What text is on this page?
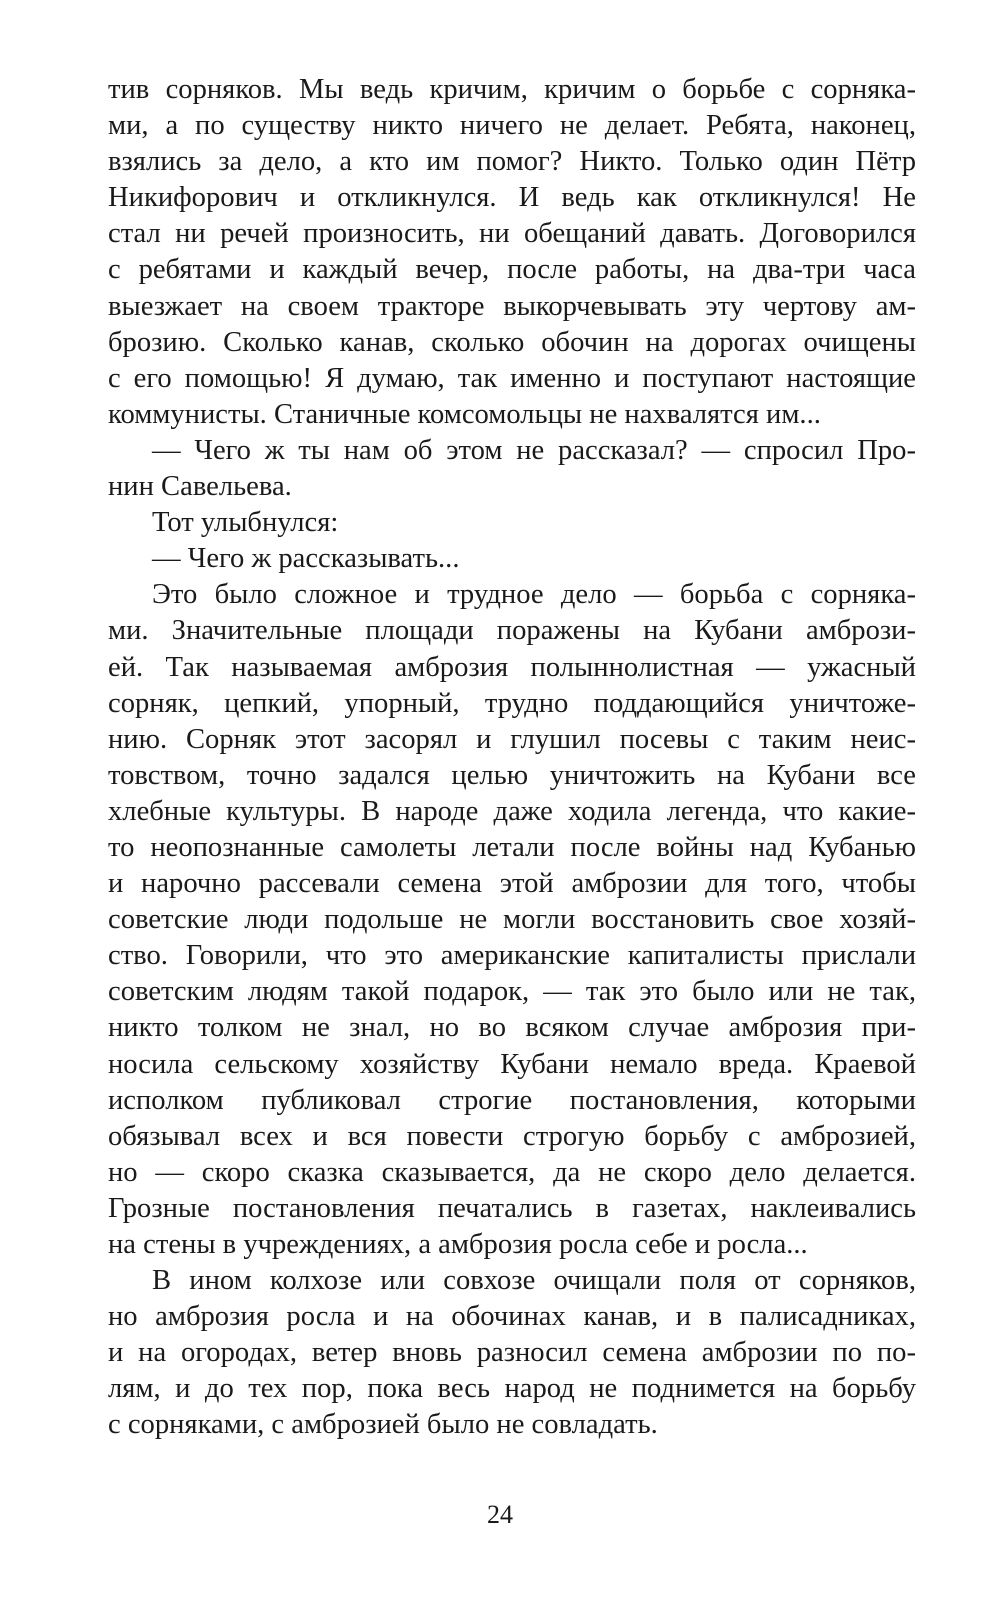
тив сорняков. Мы ведь кричим, кричим о борьбе с сорняка-
ми, а по существу никто ничего не делает. Ребята, наконец,
взялись за дело, а кто им помог? Никто. Только один Пётр
Никифорович и откликнулся. И ведь как откликнулся! Не
стал ни речей произносить, ни обещаний давать. Договорился
с ребятами и каждый вечер, после работы, на два-три часа
выезжает на своем тракторе выкорчевывать эту чертову ам-
брозию. Сколько канав, сколько обочин на дорогах очищены
с его помощью! Я думаю, так именно и поступают настоящие
коммунисты. Станичные комсомольцы не нахвалятся им...
— Чего ж ты нам об этом не рассказал? — спросил Про-
нин Савельева.
Тот улыбнулся:
— Чего ж рассказывать...
Это было сложное и трудное дело — борьба с сорняка-
ми. Значительные площади поражены на Кубани амбрози-
ей. Так называемая амброзия полыннолистная — ужасный
сорняк, цепкий, упорный, трудно поддающийся уничтоже-
нию. Сорняк этот засорял и глушил посевы с таким неис-
товством, точно задался целью уничтожить на Кубани все
хлебные культуры. В народе даже ходила легенда, что какие-
то неопознанные самолеты летали после войны над Кубанью
и нарочно рассевали семена этой амброзии для того, чтобы
советские люди подольше не могли восстановить свое хозяй-
ство. Говорили, что это американские капиталисты прислали
советским людям такой подарок, — так это было или не так,
никто толком не знал, но во всяком случае амброзия при-
носила сельскому хозяйству Кубани немало вреда. Краевой
исполком публиковал строгие постановления, которыми
обязывал всех и вся повести строгую борьбу с амброзией,
но — скоро сказка сказывается, да не скоро дело делается.
Грозные постановления печатались в газетах, наклеивались
на стены в учреждениях, а амброзия росла себе и росла...
В ином колхозе или совхозе очищали поля от сорняков,
но амброзия росла и на обочинах канав, и в палисадниках,
и на огородах, ветер вновь разносил семена амброзии по по-
лям, и до тех пор, пока весь народ не поднимется на борьбу
с сорняками, с амброзией было не совладать.
24
